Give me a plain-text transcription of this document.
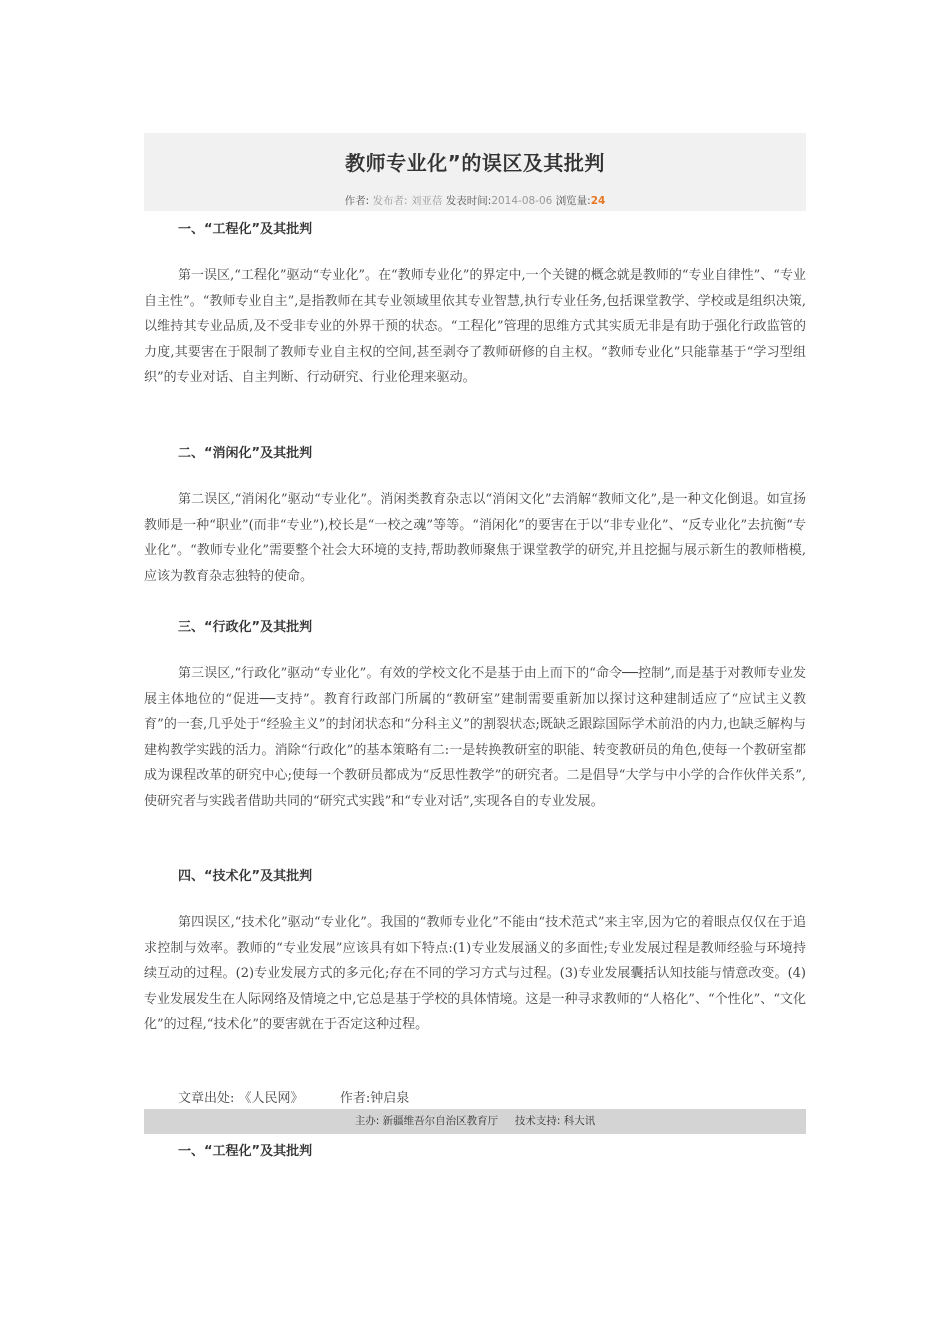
教师专业化”的误区及其批判
作者: 发布者: 刘亚蓓 发表时间:2014-08-06 浏览量:24
一、“工程化”及其批判
第一误区,“工程化”驱动“专业化”。在“教师专业化”的界定中,一个关键的概念就是教师的“专业自律性”、“专业自主性”。“教师专业自主”,是指教师在其专业领域里依其专业智慧,执行专业任务,包括课堂教学、学校或是组织决策,以维持其专业品质,及不受非专业的外界干预的状态。“工程化”管理的思维方式其实质无非是有助于强化行政监管的力度,其要害在于限制了教师专业自主权的空间,甚至剥夺了教师研修的自主权。“教师专业化”只能靠基于“学习型组织”的专业对话、自主判断、行动研究、行业伦理来驱动。
二、“消闲化”及其批判
第二误区,“消闲化”驱动“专业化”。消闲类教育杂志以“消闲文化”去消解“教师文化”,是一种文化倒退。如宣扬教师是一种“职业”(而非“专业”),校长是“一校之魂”等等。“消闲化”的要害在于以“非专业化”、“反专业化”去抗衡“专业化”。“教师专业化”需要整个社会大环境的支持,帮助教师聚焦于课堂教学的研究,并且挖掘与展示新生的教师楷模,应该为教育杂志独特的使命。
三、“行政化”及其批判
第三误区,“行政化”驱动“专业化”。有效的学校文化不是基于由上而下的“命令──控制”,而是基于对教师专业发展主体地位的“促进──支持”。教育行政部门所属的“教研室”建制需要重新加以探讨这种建制适应了“应试主义教育”的一套,几乎处于“经验主义”的封闭状态和“分科主义”的割裂状态;既缺乏跟踪国际学术前沿的内力,也缺乏解构与建构教学实践的活力。消除“行政化”的基本策略有二:一是转换教研室的职能、转变教研员的角色,使每一个教研室都成为课程改革的研究中心;使每一个教研员都成为“反思性教学”的研究者。二是倡导“大学与中小学的合作伙伴关系”,使研究者与实践者借助共同的“研究式实践”和“专业对话”,实现各自的专业发展。
四、“技术化”及其批判
第四误区,“技术化”驱动“专业化”。我国的“教师专业化”不能由“技术范式”来主宰,因为它的着眼点仅仅在于追求控制与效率。教师的“专业发展”应该具有如下特点:(1)专业发展涵义的多面性;专业发展过程是教师经验与环境持续互动的过程。(2)专业发展方式的多元化;存在不同的学习方式与过程。(3)专业发展囊括认知技能与情意改变。(4)专业发展发生在人际网络及情境之中,它总是基于学校的具体情境。这是一种寻求教师的“人格化”、“个性化”、“文化化”的过程,“技术化”的要害就在于否定这种过程。
文章出处: 《人民网》	作者:钟启泉
主办: 新疆维吾尔自治区教育厅 技术支持: 科大讯
一、“工程化”及其批判
